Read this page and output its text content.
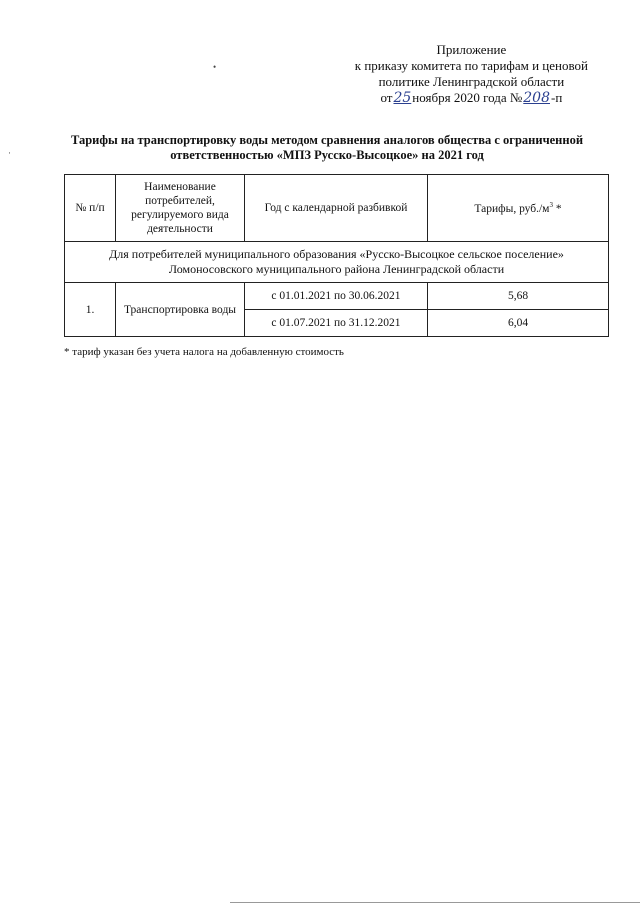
Приложение
к приказу комитета по тарифам и ценовой
политике Ленинградской области
от25ноября 2020 года №208-п
•
·
Тарифы на транспортировку воды методом сравнения аналогов общества с ограниченной
ответственностью «МПЗ Русско-Высоцкое» на 2021 год
№ п/п	Наименование потребителей, регулируемого вида деятельности	Год с календарной разбивкой	Тарифы, $руб./м^3$ *

Для потребителей муниципального образования «Русско-Высоцкое сельское поселение»
Ломоносовского муниципального района Ленинградской области			

1.	Транспортировка воды	с 01.01.2021 по 30.06.2021	5,68
		с 01.07.2021 по 31.12.2021	6,04
* тариф указан без учета налога на добавленную стоимость
